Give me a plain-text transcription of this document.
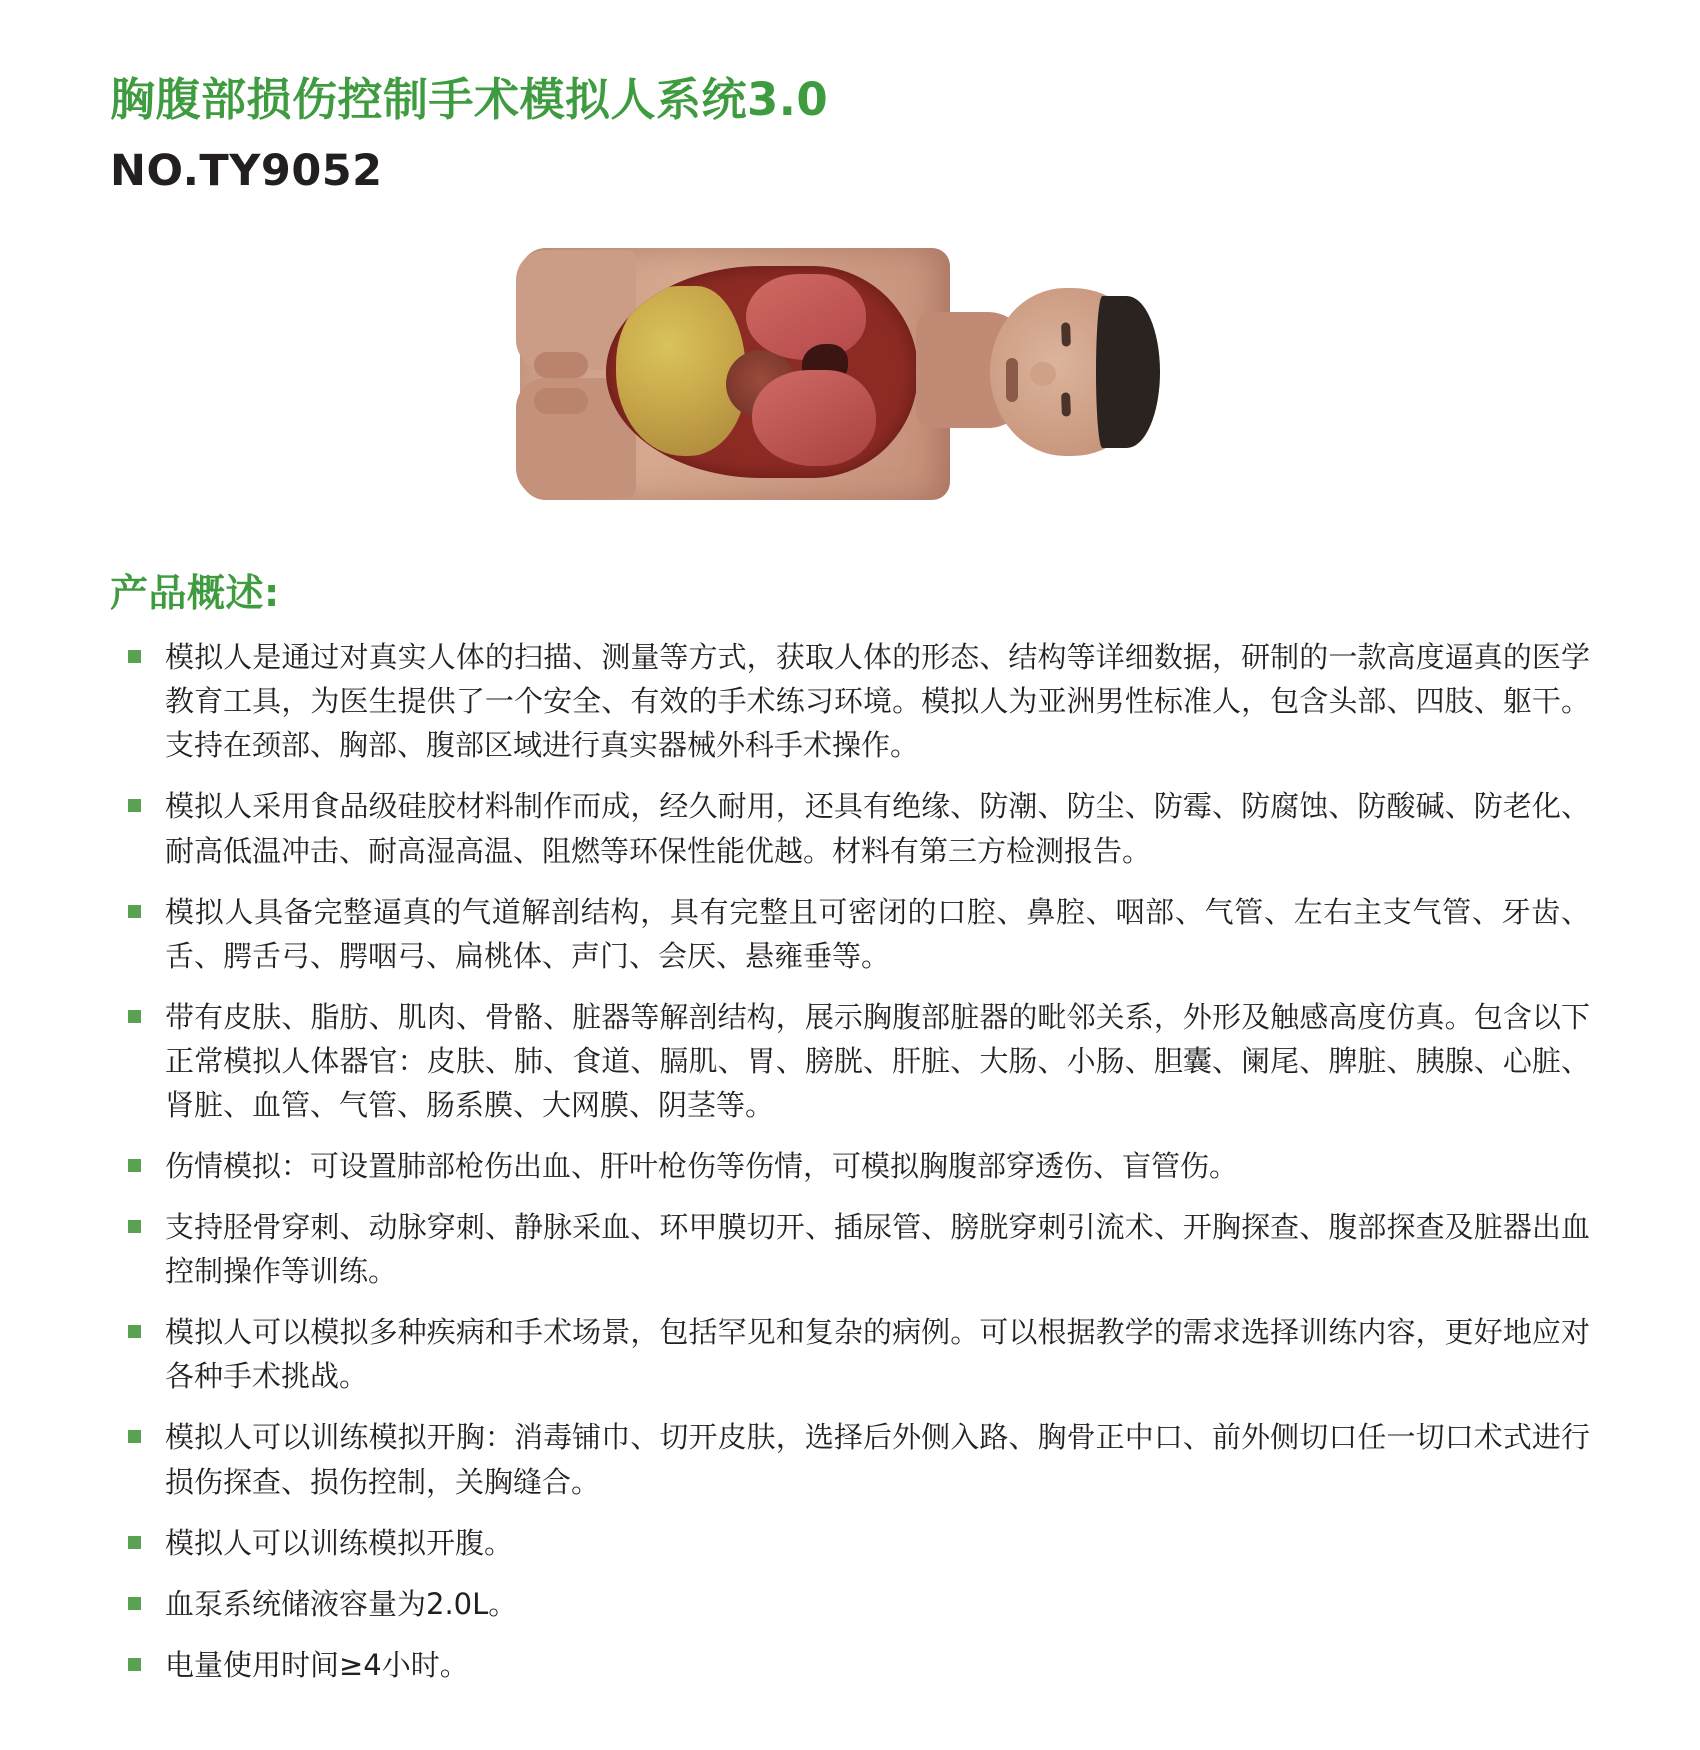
胸腹部损伤控制手术模拟人系统3.0
NO.TY9052
产品概述:
模拟人是通过对真实人体的扫描、测量等方式，获取人体的形态、结构等详细数据，研制的一款高度逼真的医学教育工具，为医生提供了一个安全、有效的手术练习环境。模拟人为亚洲男性标准人，包含头部、四肢、躯干。支持在颈部、胸部、腹部区域进行真实器械外科手术操作。
模拟人采用食品级硅胶材料制作而成，经久耐用，还具有绝缘、防潮、防尘、防霉、防腐蚀、防酸碱、防老化、耐高低温冲击、耐高湿高温、阻燃等环保性能优越。材料有第三方检测报告。
模拟人具备完整逼真的气道解剖结构，具有完整且可密闭的口腔、鼻腔、咽部、气管、左右主支气管、牙齿、舌、腭舌弓、腭咽弓、扁桃体、声门、会厌、悬雍垂等。
带有皮肤、脂肪、肌肉、骨骼、脏器等解剖结构，展示胸腹部脏器的毗邻关系，外形及触感高度仿真。包含以下正常模拟人体器官：皮肤、肺、食道、膈肌、胃、膀胱、肝脏、大肠、小肠、胆囊、阑尾、脾脏、胰腺、心脏、肾脏、血管、气管、肠系膜、大网膜、阴茎等。
伤情模拟：可设置肺部枪伤出血、肝叶枪伤等伤情，可模拟胸腹部穿透伤、盲管伤。
支持胫骨穿刺、动脉穿刺、静脉采血、环甲膜切开、插尿管、膀胱穿刺引流术、开胸探查、腹部探查及脏器出血控制操作等训练。
模拟人可以模拟多种疾病和手术场景，包括罕见和复杂的病例。可以根据教学的需求选择训练内容，更好地应对各种手术挑战。
模拟人可以训练模拟开胸：消毒铺巾、切开皮肤，选择后外侧入路、胸骨正中口、前外侧切口任一切口术式进行损伤探查、损伤控制，关胸缝合。
模拟人可以训练模拟开腹。
血泵系统储液容量为2.0L。
电量使用时间≥4小时。
